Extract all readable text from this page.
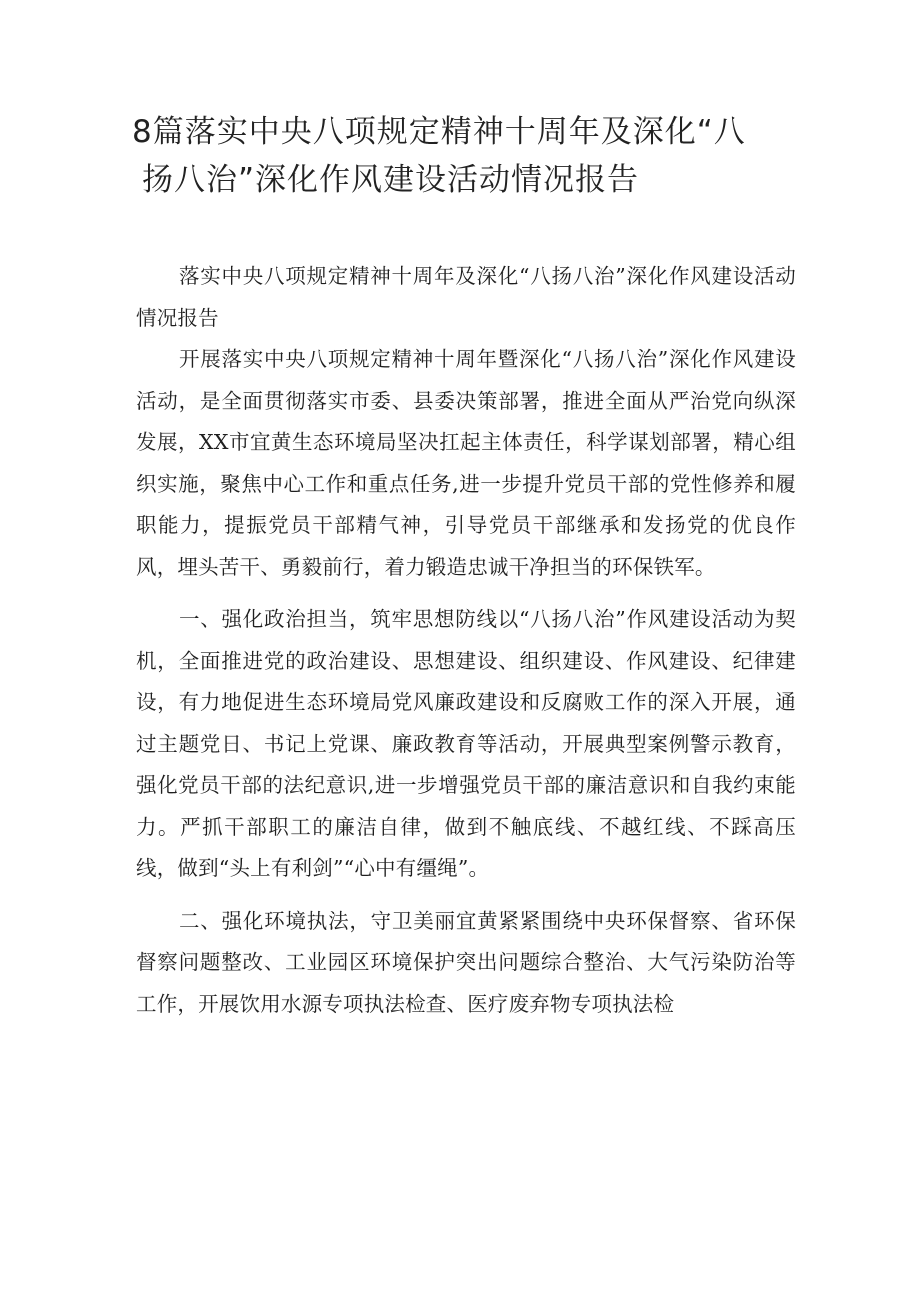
8篇落实中央八项规定精神十周年及深化“八
扬八治”深化作风建设活动情况报告

落实中央八项规定精神十周年及深化“八扬八治”深化作风建设活动情况报告

开展落实中央八项规定精神十周年暨深化“八扬八治”深化作风建设活动，是全面贯彻落实市委、县委决策部署，推进全面从严治党向纵深发展，XX市宜黄生态环境局坚决扛起主体责任，科学谋划部署，精心组织实施，聚焦中心工作和重点任务,进一步提升党员干部的党性修养和履职能力，提振党员干部精气神，引导党员干部继承和发扬党的优良作风，埋头苦干、勇毅前行，着力锻造忠诚干净担当的环保铁军。

一、强化政治担当，筑牢思想防线以“八扬八治”作风建设活动为契机，全面推进党的政治建设、思想建设、组织建设、作风建设、纪律建设，有力地促进生态环境局党风廉政建设和反腐败工作的深入开展，通过主题党日、书记上党课、廉政教育等活动，开展典型案例警示教育，强化党员干部的法纪意识,进一步增强党员干部的廉洁意识和自我约束能力。严抓干部职工的廉洁自律，做到不触底线、不越红线、不踩高压线，做到“头上有利剑”“心中有缰绳”。

二、强化环境执法，守卫美丽宜黄紧紧围绕中央环保督察、省环保督察问题整改、工业园区环境保护突出问题综合整治、大气污染防治等工作，开展饮用水源专项执法检查、医疗废弃物专项执法检
